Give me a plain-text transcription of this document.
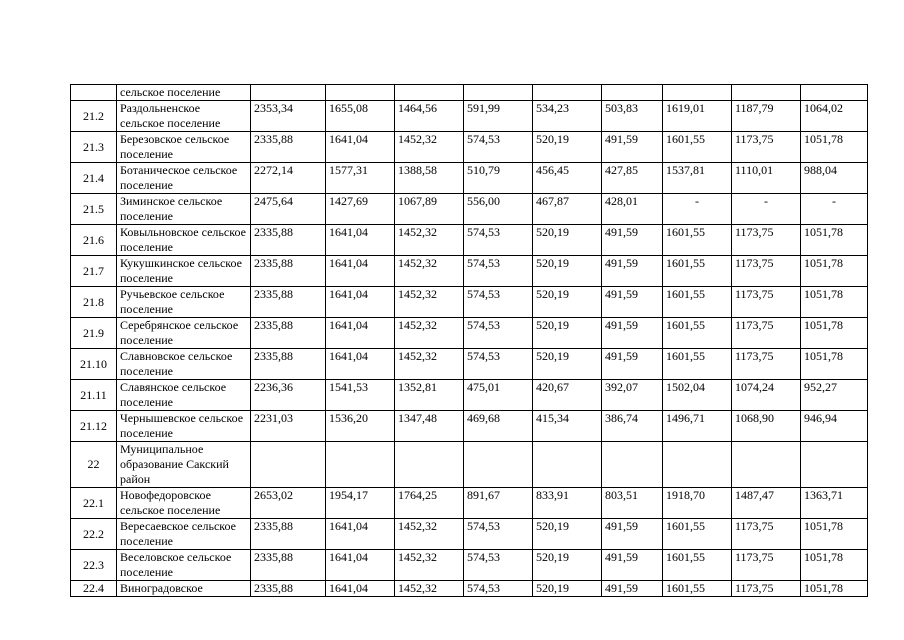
	сельское поселение									
21.2	Раздольненское сельское поселение	2353,34	1655,08	1464,56	591,99	534,23	503,83	1619,01	1187,79	1064,02
21.3	Березовское сельское поселение	2335,88	1641,04	1452,32	574,53	520,19	491,59	1601,55	1173,75	1051,78
21.4	Ботаническое сельское поселение	2272,14	1577,31	1388,58	510,79	456,45	427,85	1537,81	1110,01	988,04
21.5	Зиминское сельское поселение	2475,64	1427,69	1067,89	556,00	467,87	428,01	-	-	-
21.6	Ковыльновское сельское поселение	2335,88	1641,04	1452,32	574,53	520,19	491,59	1601,55	1173,75	1051,78
21.7	Кукушкинское сельское поселение	2335,88	1641,04	1452,32	574,53	520,19	491,59	1601,55	1173,75	1051,78
21.8	Ручьевское сельское поселение	2335,88	1641,04	1452,32	574,53	520,19	491,59	1601,55	1173,75	1051,78
21.9	Серебрянское сельское поселение	2335,88	1641,04	1452,32	574,53	520,19	491,59	1601,55	1173,75	1051,78
21.10	Славновское сельское поселение	2335,88	1641,04	1452,32	574,53	520,19	491,59	1601,55	1173,75	1051,78
21.11	Славянское сельское поселение	2236,36	1541,53	1352,81	475,01	420,67	392,07	1502,04	1074,24	952,27
21.12	Чернышевское сельское поселение	2231,03	1536,20	1347,48	469,68	415,34	386,74	1496,71	1068,90	946,94
22	Муниципальное образование Сакский район									
22.1	Новофедоровское сельское поселение	2653,02	1954,17	1764,25	891,67	833,91	803,51	1918,70	1487,47	1363,71
22.2	Вересаевское сельское поселение	2335,88	1641,04	1452,32	574,53	520,19	491,59	1601,55	1173,75	1051,78
22.3	Веселовское сельское поселение	2335,88	1641,04	1452,32	574,53	520,19	491,59	1601,55	1173,75	1051,78
22.4	Виноградовское	2335,88	1641,04	1452,32	574,53	520,19	491,59	1601,55	1173,75	1051,78
